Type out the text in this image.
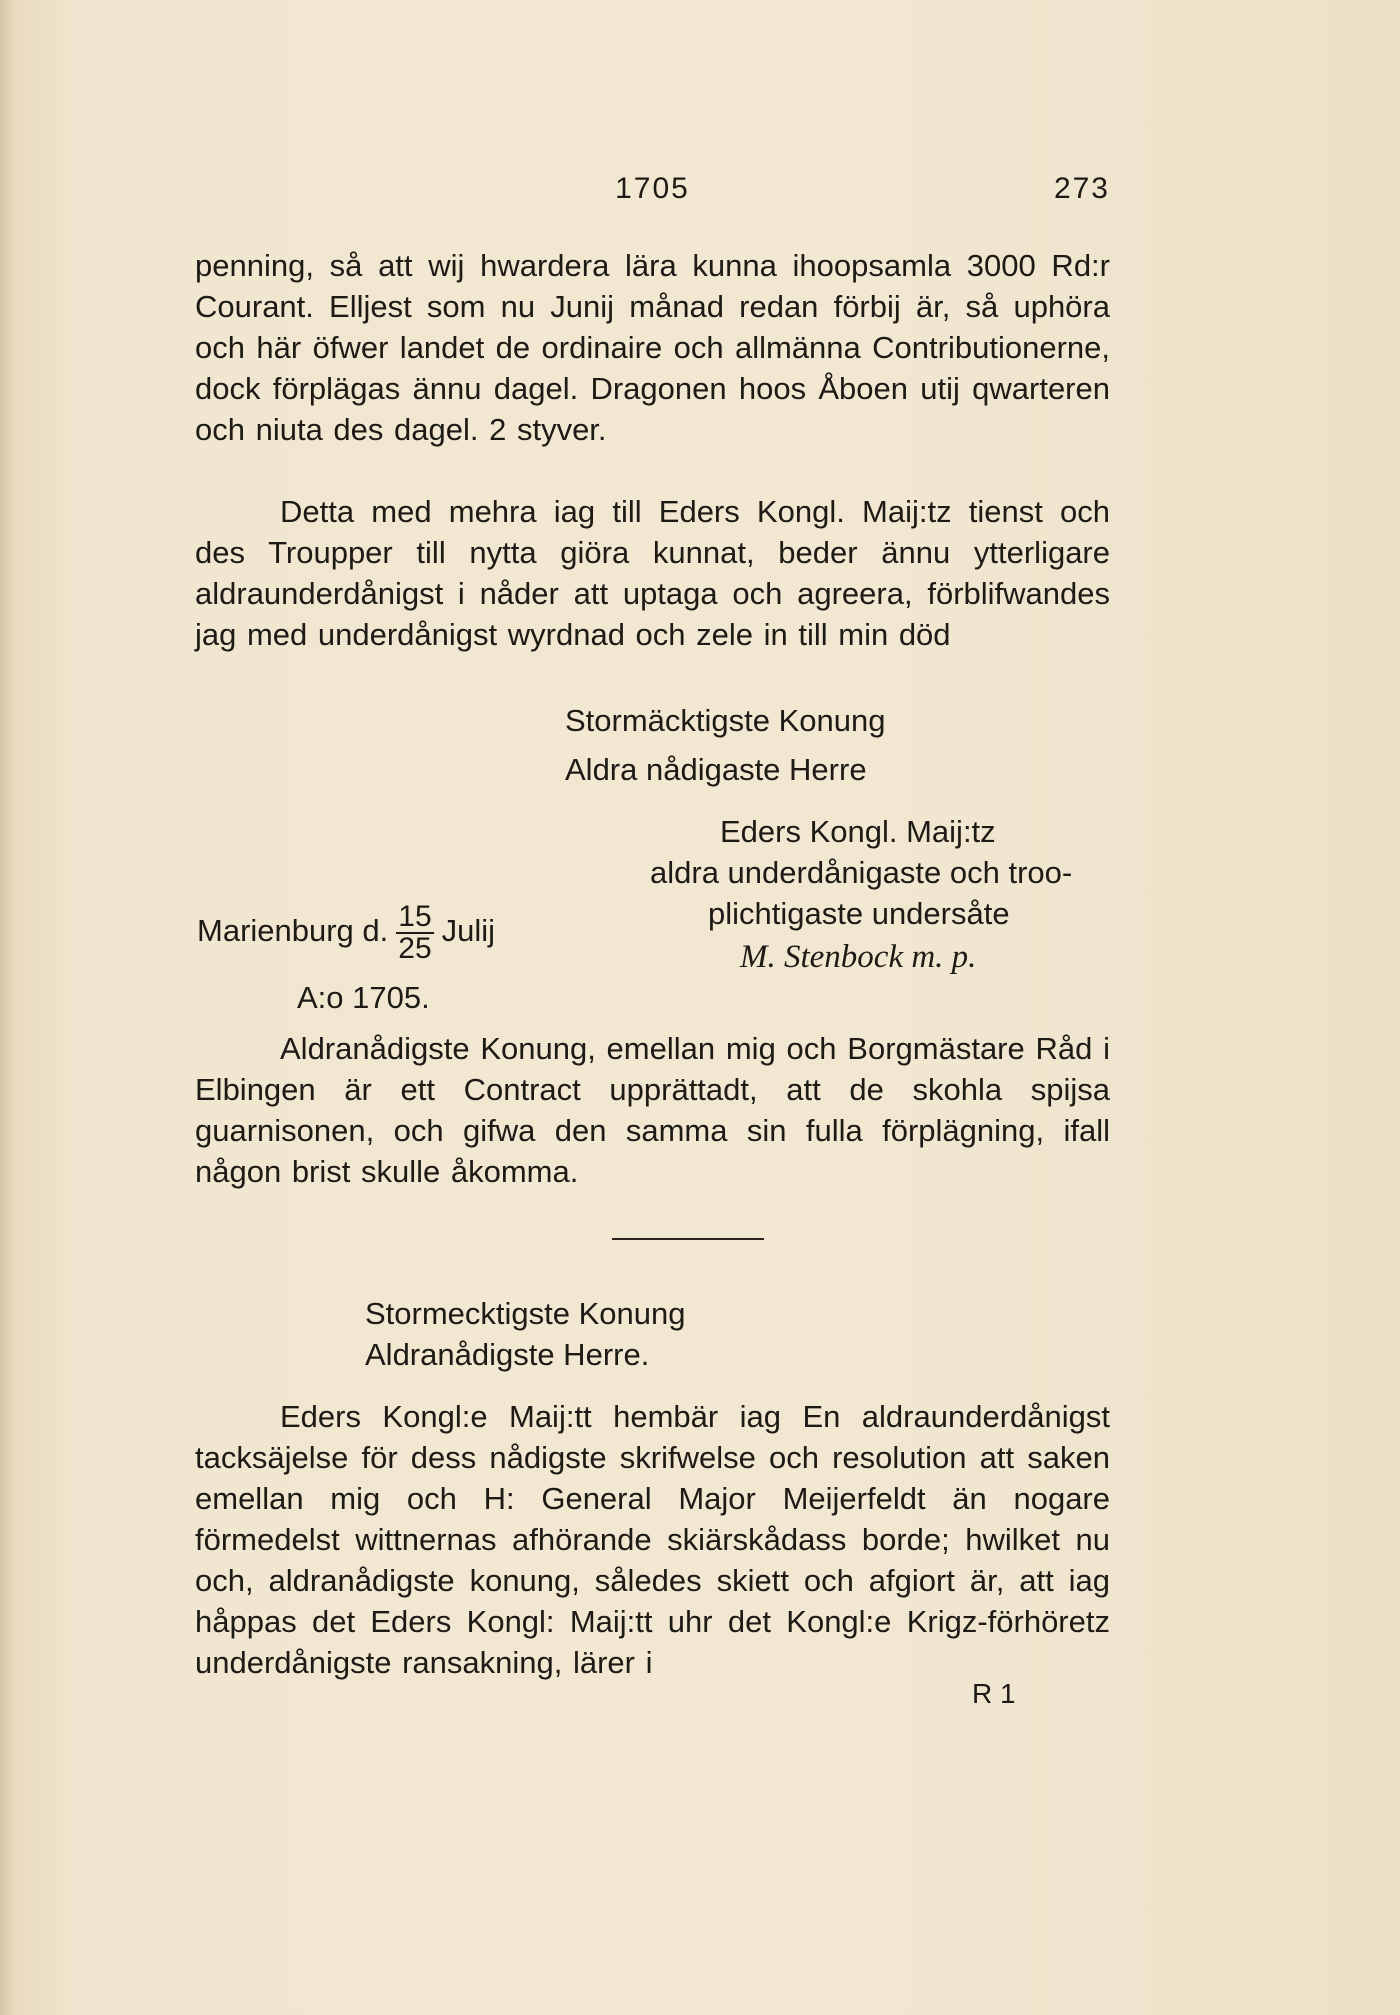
1705	273

penning, så att wij hwardera lära kunna ihoopsamla 3000 Rd:r Courant. Elljest som nu Junij månad redan förbij är, så uphöra och här öfwer landet de ordinaire och allmänna Contributionerne, dock förplägas ännu dagel. Dragonen hoos Åboen utij qwarteren och niuta des dagel. 2 styver.

Detta med mehra iag till Eders Kongl. Maij:tz tienst och des Troupper till nytta giöra kunnat, beder ännu ytterligare aldraunderdånigst i nåder att uptaga och agreera, förblifwandes jag med underdånigst wyrdnad och zele in till min död

Stormäcktigste Konung
Aldra nådigaste Herre
Eders Kongl. Maij:tz
aldra underdånigaste och troo-
plichtigaste undersåte
M. Stenbock m. p.
Marienburg d. $\frac{15}{25}$ Julij
A:o 1705.

Aldranådigste Konung, emellan mig och Borgmästare Råd i Elbingen är ett Contract upprättadt, att de skohla spijsa guarnisonen, och gifwa den samma sin fulla förplägning, ifall någon brist skulle åkomma.

Stormecktigste Konung
Aldranådigste Herre.

Eders Kongl:e Maij:tt hembär iag En aldraunderdånigst tacksäjelse för dess nådigste skrifwelse och resolution att saken emellan mig och H: General Major Meijerfeldt än nogare förmedelst wittnernas afhörande skiärskådass borde; hwilket nu och, aldranådigste konung, således skiett och afgiort är, att iag håppas det Eders Kongl: Maij:tt uhr det Kongl:e Krigz-förhöretz underdånigste ransakning, lärer i

R 1
